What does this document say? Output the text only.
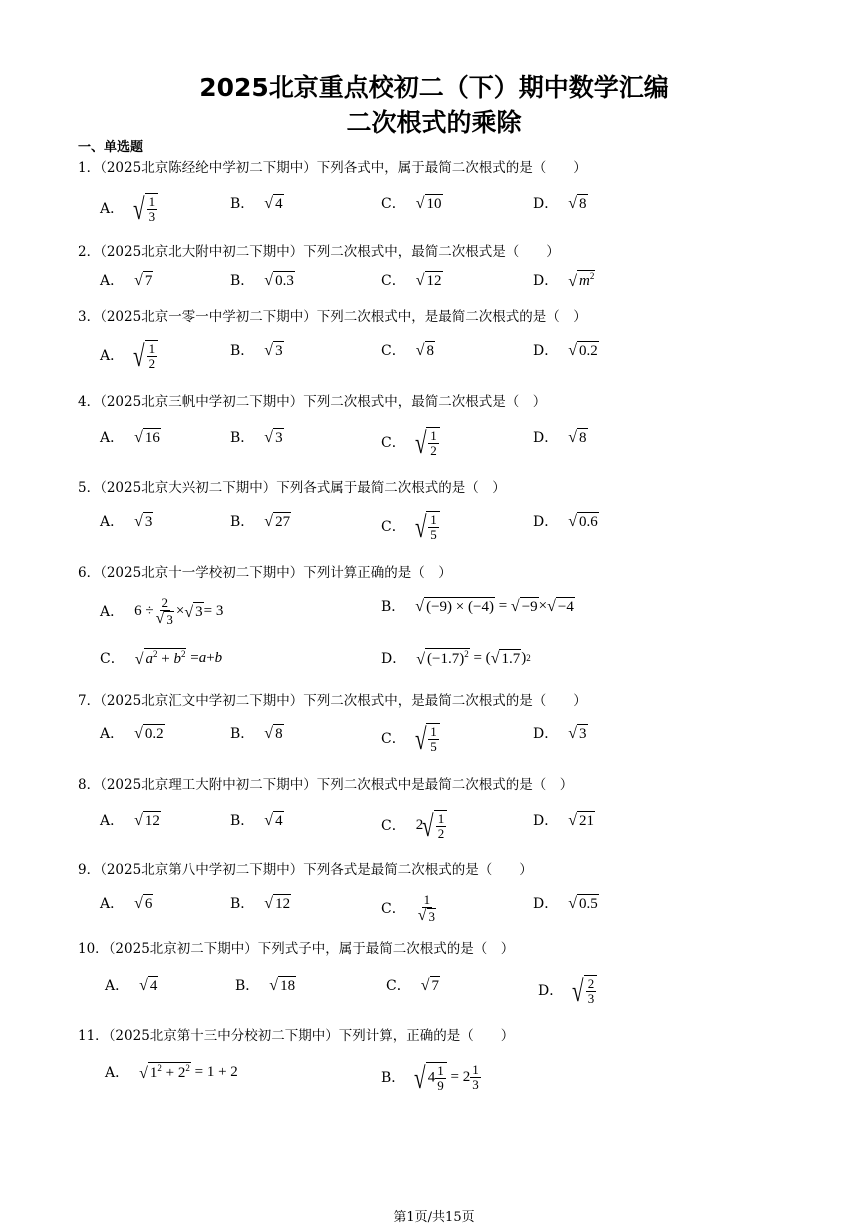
2025北京重点校初二（下）期中数学汇编
二次根式的乘除
一、单选题
1．（2025北京陈经纶中学初二下期中）下列各式中，属于最简二次根式的是（　　）
A． √ $\frac{1}{3}$	B． √ 4	C． √ 10	D． √ 8
2．（2025北京北大附中初二下期中）下列二次根式中，最简二次根式是（　　）
A． √ 7	B． √ 0.3	C． √ 12	D． √ $m^2$
3．（2025北京一零一中学初二下期中）下列二次根式中，是最简二次根式的是（　）
A． √ $\frac{1}{2}$	B． √ 3	C． √ 8	D． √ 0.2
4．（2025北京三帆中学初二下期中）下列二次根式中，最简二次根式是（　）
A． √ 16	B． √ 3	C． √ $\frac{1}{2}$	D． √ 8
5．（2025北京大兴初二下期中）下列各式属于最简二次根式的是（　）
A． √ 3	B． √ 27	C． √ $\frac{1}{5}$	D． √ 0.6
6．（2025北京十一学校初二下期中）下列计算正确的是（　）
A． $6 \div \frac{2}{√ 3}$ × √ 3 = 3	B． √ (−9) × (−4) = √ −9 × √ −4
C． √ $a^2 + b^2 = a + b$	D． √ $(-1.7)^2$ = ( √ 1.7 ) 2
7．（2025北京汇文中学初二下期中）下列二次根式中，是最简二次根式的是（　　）
A． √ 0.2	B． √ 8	C． √ $\frac{1}{5}$	D． √ 3
8．（2025北京理工大附中初二下期中）下列二次根式中是最简二次根式的是（　）
A． √ 12	B． √ 4	C． 2
√ $\frac{1}{2}$	D． √ 21
9．（2025北京第八中学初二下期中）下列各式是最简二次根式的是（　　）
A． √ 6	B． √ 12	C． $\frac{1}{√ 3}$	D． √ 0.5
10．（2025北京初二下期中）下列式子中，属于最简二次根式的是（　）
A． √ 4	B． √ 18	C． √ 7	D． √ $\frac{2}{3}$
11．（2025北京第十三中分校初二下期中）下列计算，正确的是（　　）
A． √ $1^2 + 2^2 = 1 + 2$	B． √ $4 \frac{1}{9} = 2 \frac{1}{3}$
第1页/共15页
